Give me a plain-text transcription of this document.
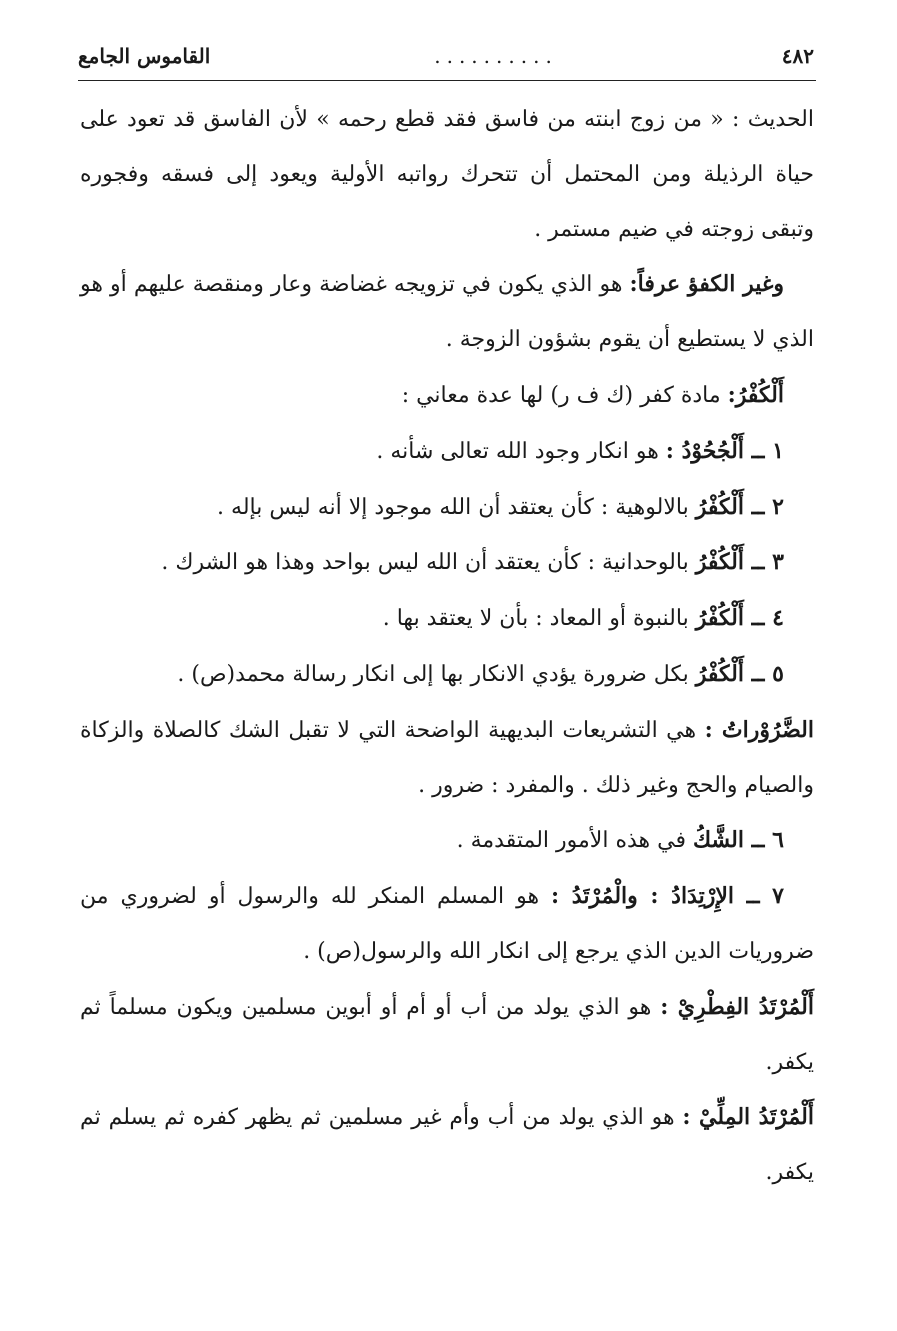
٤٨٢
..........
القاموس الجامع

الحديث : « من زوج ابنته من فاسق فقد قطع رحمه » لأن الفاسق قد تعود على حياة الرذيلة ومن المحتمل أن تتحرك رواتبه الأولية ويعود إلى فسقه وفجوره وتبقى زوجته في ضيم مستمر .

وغير الكفؤ عرفاً: هو الذي يكون في تزويجه غضاضة وعار ومنقصة عليهم أو هو الذي لا يستطيع أن يقوم بشؤون الزوجة .

أَلْكُفْرُ: مادة كفر (ك ف ر) لها عدة معاني :

١ ــ أَلْجُحُوْدُ : هو انكار وجود الله تعالى شأنه .

٢ ــ أَلْكُفْرُ بالالوهية : كأن يعتقد أن الله موجود إلا أنه ليس بإله .

٣ ــ أَلْكُفْرُ بالوحدانية : كأن يعتقد أن الله ليس بواحد وهذا هو الشرك .

٤ ــ أَلْكُفْرُ بالنبوة أو المعاد : بأن لا يعتقد بها .

٥ ــ أَلْكُفْرُ بكل ضرورة يؤدي الانكار بها إلى انكار رسالة محمد(ص) .

الضَّرُوْراتُ : هي التشريعات البديهية الواضحة التي لا تقبل الشك كالصلاة والزكاة والصيام والحج وغير ذلك . والمفرد : ضرور .

٦ ــ الشَّكُ في هذه الأمور المتقدمة .

٧ ــ الإِرْتِدَادُ : والْمُرْتَدُ : هو المسلم المنكر لله والرسول أو لضروري من ضروريات الدين الذي يرجع إلى انكار الله والرسول(ص) .

أَلْمُرْتَدُ الفِطْرِيْ : هو الذي يولد من أب أو أم أو أبوين مسلمين ويكون مسلماً ثم يكفر.

أَلْمُرْتَدُ المِلِّيْ : هو الذي يولد من أب وأم غير مسلمين ثم يظهر كفره ثم يسلم ثم يكفر.
